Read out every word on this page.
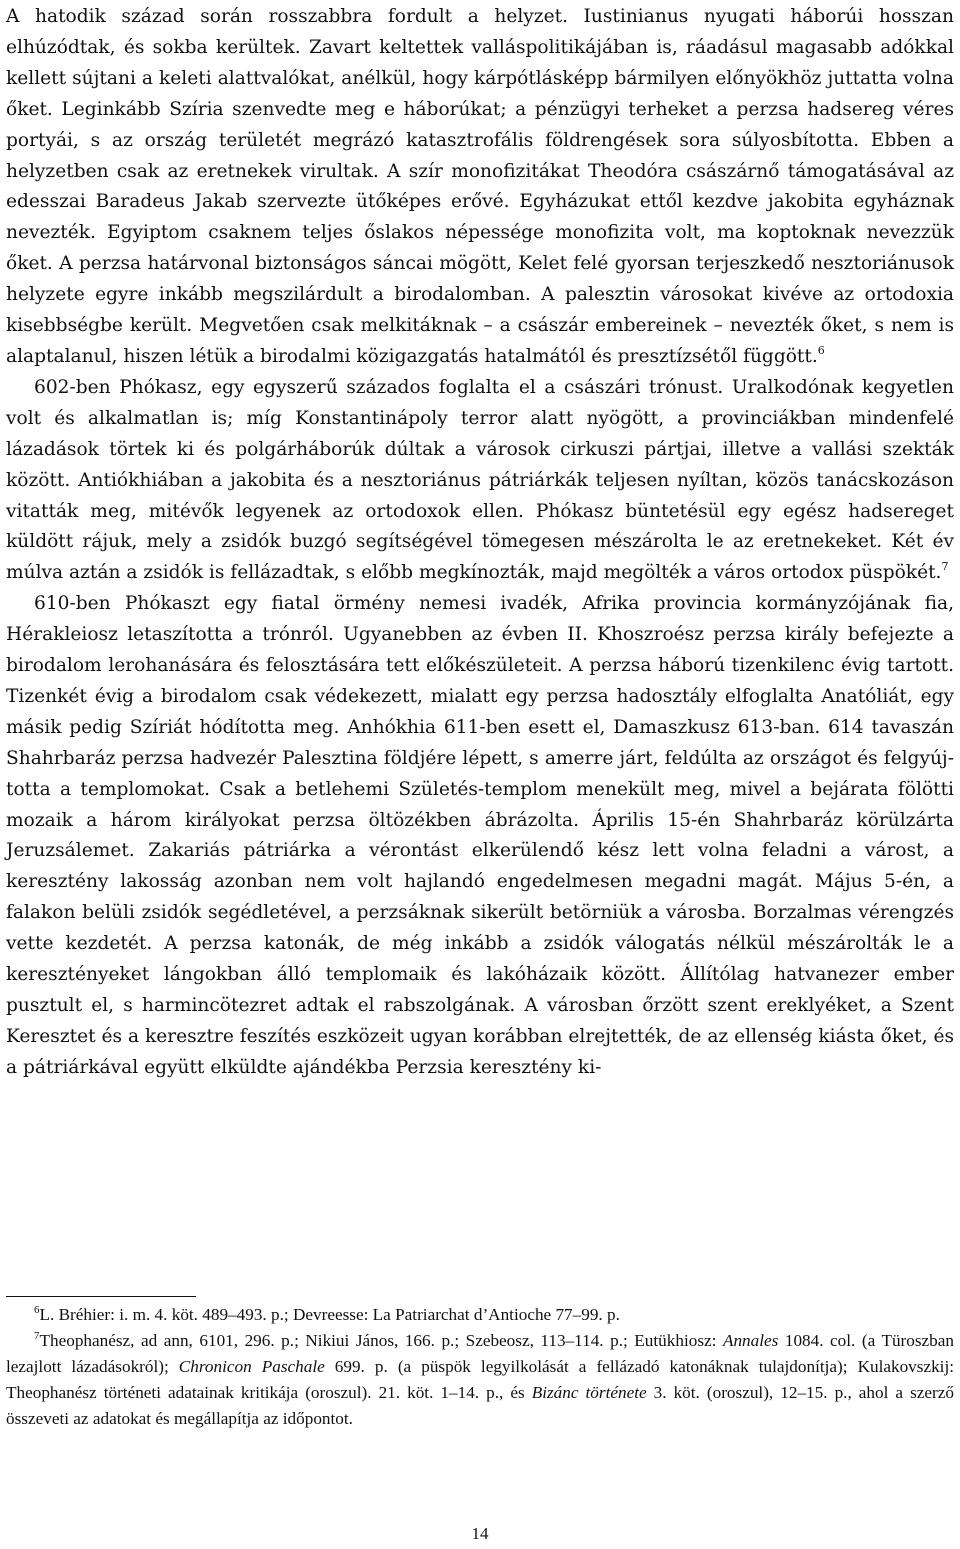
A hatodik század során rosszabbra fordult a helyzet. Iustinianus nyugati háborúi hosszan elhúzódtak, és sokba kerültek. Zavart keltettek valláspolitikájában is, ráadásul magasabb adókkal kellett sújtani a keleti alattvalókat, anélkül, hogy kárpótlásképp bármilyen előnyökhöz juttatta volna őket. Leginkább Szíria szenvedte meg e háborúkat; a pénzügyi terheket a perzsa hadsereg véres portyái, s az ország területét megrázó katasztrofális földrengések sora súlyosbította. Ebben a helyzetben csak az eretnekek virultak. A szír monofizitákat Theodóra császárnő támogatásával az edesszai Baradeus Jakab szervezte ütőképes erővé. Egyházukat ettől kezdve jakobita egyháznak nevezték. Egyiptom csaknem teljes őslakos népessége monofizita volt, ma koptoknak nevezzük őket. A perzsa határvonal biztonságos sáncai mögött, Kelet felé gyorsan terjeszkedő nesztoriánusok helyzete egyre inkább megszilárdult a birodalomban. A palesztin városokat kivéve az ortodoxia kisebbségbe került. Megvetően csak melkitáknak – a császár embereinek – nevezték őket, s nem is alaptalanul, hiszen létük a birodalmi közigazgatás hatalmától és presztízsétől függött.$^6$

602-ben Phókasz, egy egyszerű százados foglalta el a császári trónust. Uralkodónak kegyetlen volt és alkalmatlan is; míg Konstantinápoly terror alatt nyögött, a provinciákban mindenfelé lázadások törtek ki és polgárháborúk dúltak a városok cirkuszi pártjai, illetve a vallási szekták között. Antiókhiában a jakobita és a nesztoriánus pátriárkák teljesen nyíltan, közös tanácskozáson vitatták meg, mitévők legyenek az ortodoxok ellen. Phókasz büntetésül egy egész hadsereget küldött rájuk, mely a zsidók buzgó segítségével tömegesen mészárolta le az eretnekeket. Két év múlva aztán a zsidók is fellázadtak, s előbb megkínozták, majd megölték a város ortodox püspökét.$^7$

610-ben Phókaszt egy fiatal örmény nemesi ivadék, Afrika provincia kormányzójának fia, Hérakleiosz letaszította a trónról. Ugyanebben az évben II. Khoszroész perzsa király befejezte a birodalom lerohanására és felosztására tett előkészületeit. A perzsa háború tizenkilenc évig tartott. Tizenkét évig a birodalom csak védekezett, mialatt egy perzsa hadosztály elfoglalta Anatóliát, egy másik pedig Szíriát hódította meg. Anhókhia 611-ben esett el, Damaszkusz 613-ban. 614 tavaszán Shahrbaráz perzsa hadvezér Palesztina földjére lépett, s amerre járt, feldúlta az országot és felgyújtotta a templomokat. Csak a betlehemi Születés-templom menekült meg, mivel a bejárata fölötti mozaik a három királyokat perzsa öltözékben ábrázolta. Április 15-én Shahrbaráz körülzárta Jeruzsálemet. Zakariás pátriárka a vérontást elkerülendő kész lett volna feladni a várost, a keresztény lakosság azonban nem volt hajlandó engedelmesen megadni magát. Május 5-én, a falakon belüli zsidók segédletével, a perzsáknak sikerült betörniük a városba. Borzalmas vérengzés vette kezdetét. A perzsa katonák, de még inkább a zsidók válogatás nélkül mészárolták le a keresztényeket lángokban álló templomaik és lakóházaik között. Állítólag hatvanezer ember pusztult el, s harmincötezret adtak el rabszolgának. A városban őrzött szent ereklyéket, a Szent Keresztet és a keresztre feszítés eszközeit ugyan korábban elrejtették, de az ellenség kiásta őket, és a pátriárkával együtt elküldte ajándékba Perzsia keresztény ki-

$^6$L. Bréhier: i. m. 4. köt. 489–493. p.; Devreesse: La Patriarchat d’Antioche 77–99. p.

$^7$Theophanész, ad ann, 6101, 296. p.; Nikiui János, 166. p.; Szebeosz, 113–114. p.; Eutükhiosz: Annales 1084. col. (a Türoszban lezajlott lázadásokról); Chronicon Paschale 699. p. (a püspök legyilkolását a fellázadó katonáknak tulajdonítja); Kulakovszkij: Theophanész történeti adatainak kritikája (oroszul). 21. köt. 1–14. p., és Bizánc története 3. köt. (oroszul), 12–15. p., ahol a szerző összeveti az adatokat és megállapítja az időpontot.

14
